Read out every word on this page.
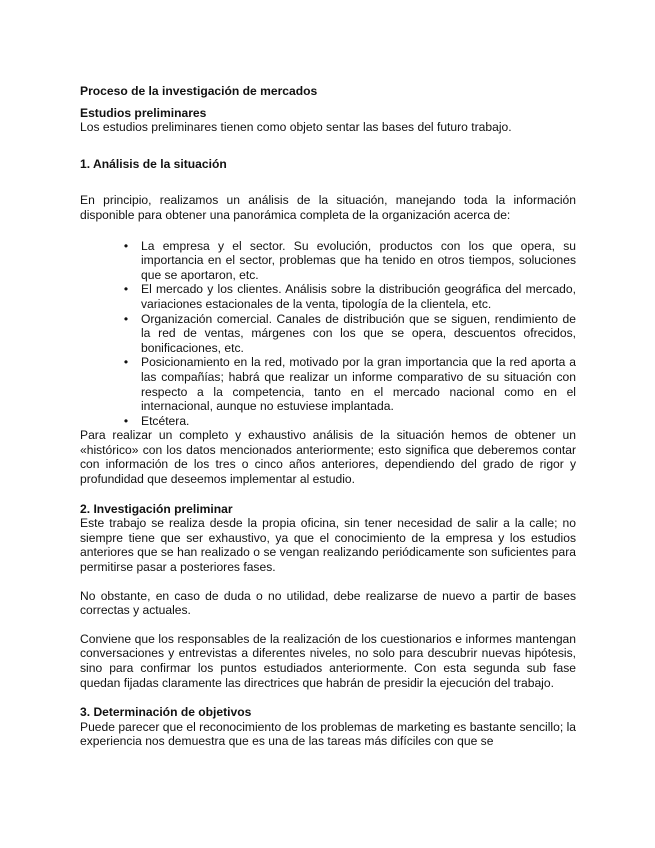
Proceso de la investigación de mercados

Estudios preliminares

Los estudios preliminares tienen como objeto sentar las bases del futuro trabajo.

1. Análisis de la situación

En principio, realizamos un análisis de la situación, manejando toda la información disponible para obtener una panorámica completa de la organización acerca de:

• La empresa y el sector. Su evolución, productos con los que opera, su importancia en el sector, problemas que ha tenido en otros tiempos, soluciones que se aportaron, etc.
• El mercado y los clientes. Análisis sobre la distribución geográfica del mercado, variaciones estacionales de la venta, tipología de la clientela, etc.
• Organización comercial. Canales de distribución que se siguen, rendimiento de la red de ventas, márgenes con los que se opera, descuentos ofrecidos, bonificaciones, etc.
• Posicionamiento en la red, motivado por la gran importancia que la red aporta a las compañías; habrá que realizar un informe comparativo de su situación con respecto a la competencia, tanto en el mercado nacional como en el internacional, aunque no estuviese implantada.
• Etcétera.

Para realizar un completo y exhaustivo análisis de la situación hemos de obtener un «histórico» con los datos mencionados anteriormente; esto significa que deberemos contar con información de los tres o cinco años anteriores, dependiendo del grado de rigor y profundidad que deseemos implementar al estudio.

2. Investigación preliminar

Este trabajo se realiza desde la propia oficina, sin tener necesidad de salir a la calle; no siempre tiene que ser exhaustivo, ya que el conocimiento de la empresa y los estudios anteriores que se han realizado o se vengan realizando periódicamente son suficientes para permitirse pasar a posteriores fases.

No obstante, en caso de duda o no utilidad, debe realizarse de nuevo a partir de bases correctas y actuales.

Conviene que los responsables de la realización de los cuestionarios e informes mantengan conversaciones y entrevistas a diferentes niveles, no solo para descubrir nuevas hipótesis, sino para confirmar los puntos estudiados anteriormente. Con esta segunda sub fase quedan fijadas claramente las directrices que habrán de presidir la ejecución del trabajo.

3. Determinación de objetivos

Puede parecer que el reconocimiento de los problemas de marketing es bastante sencillo; la experiencia nos demuestra que es una de las tareas más difíciles con que se
